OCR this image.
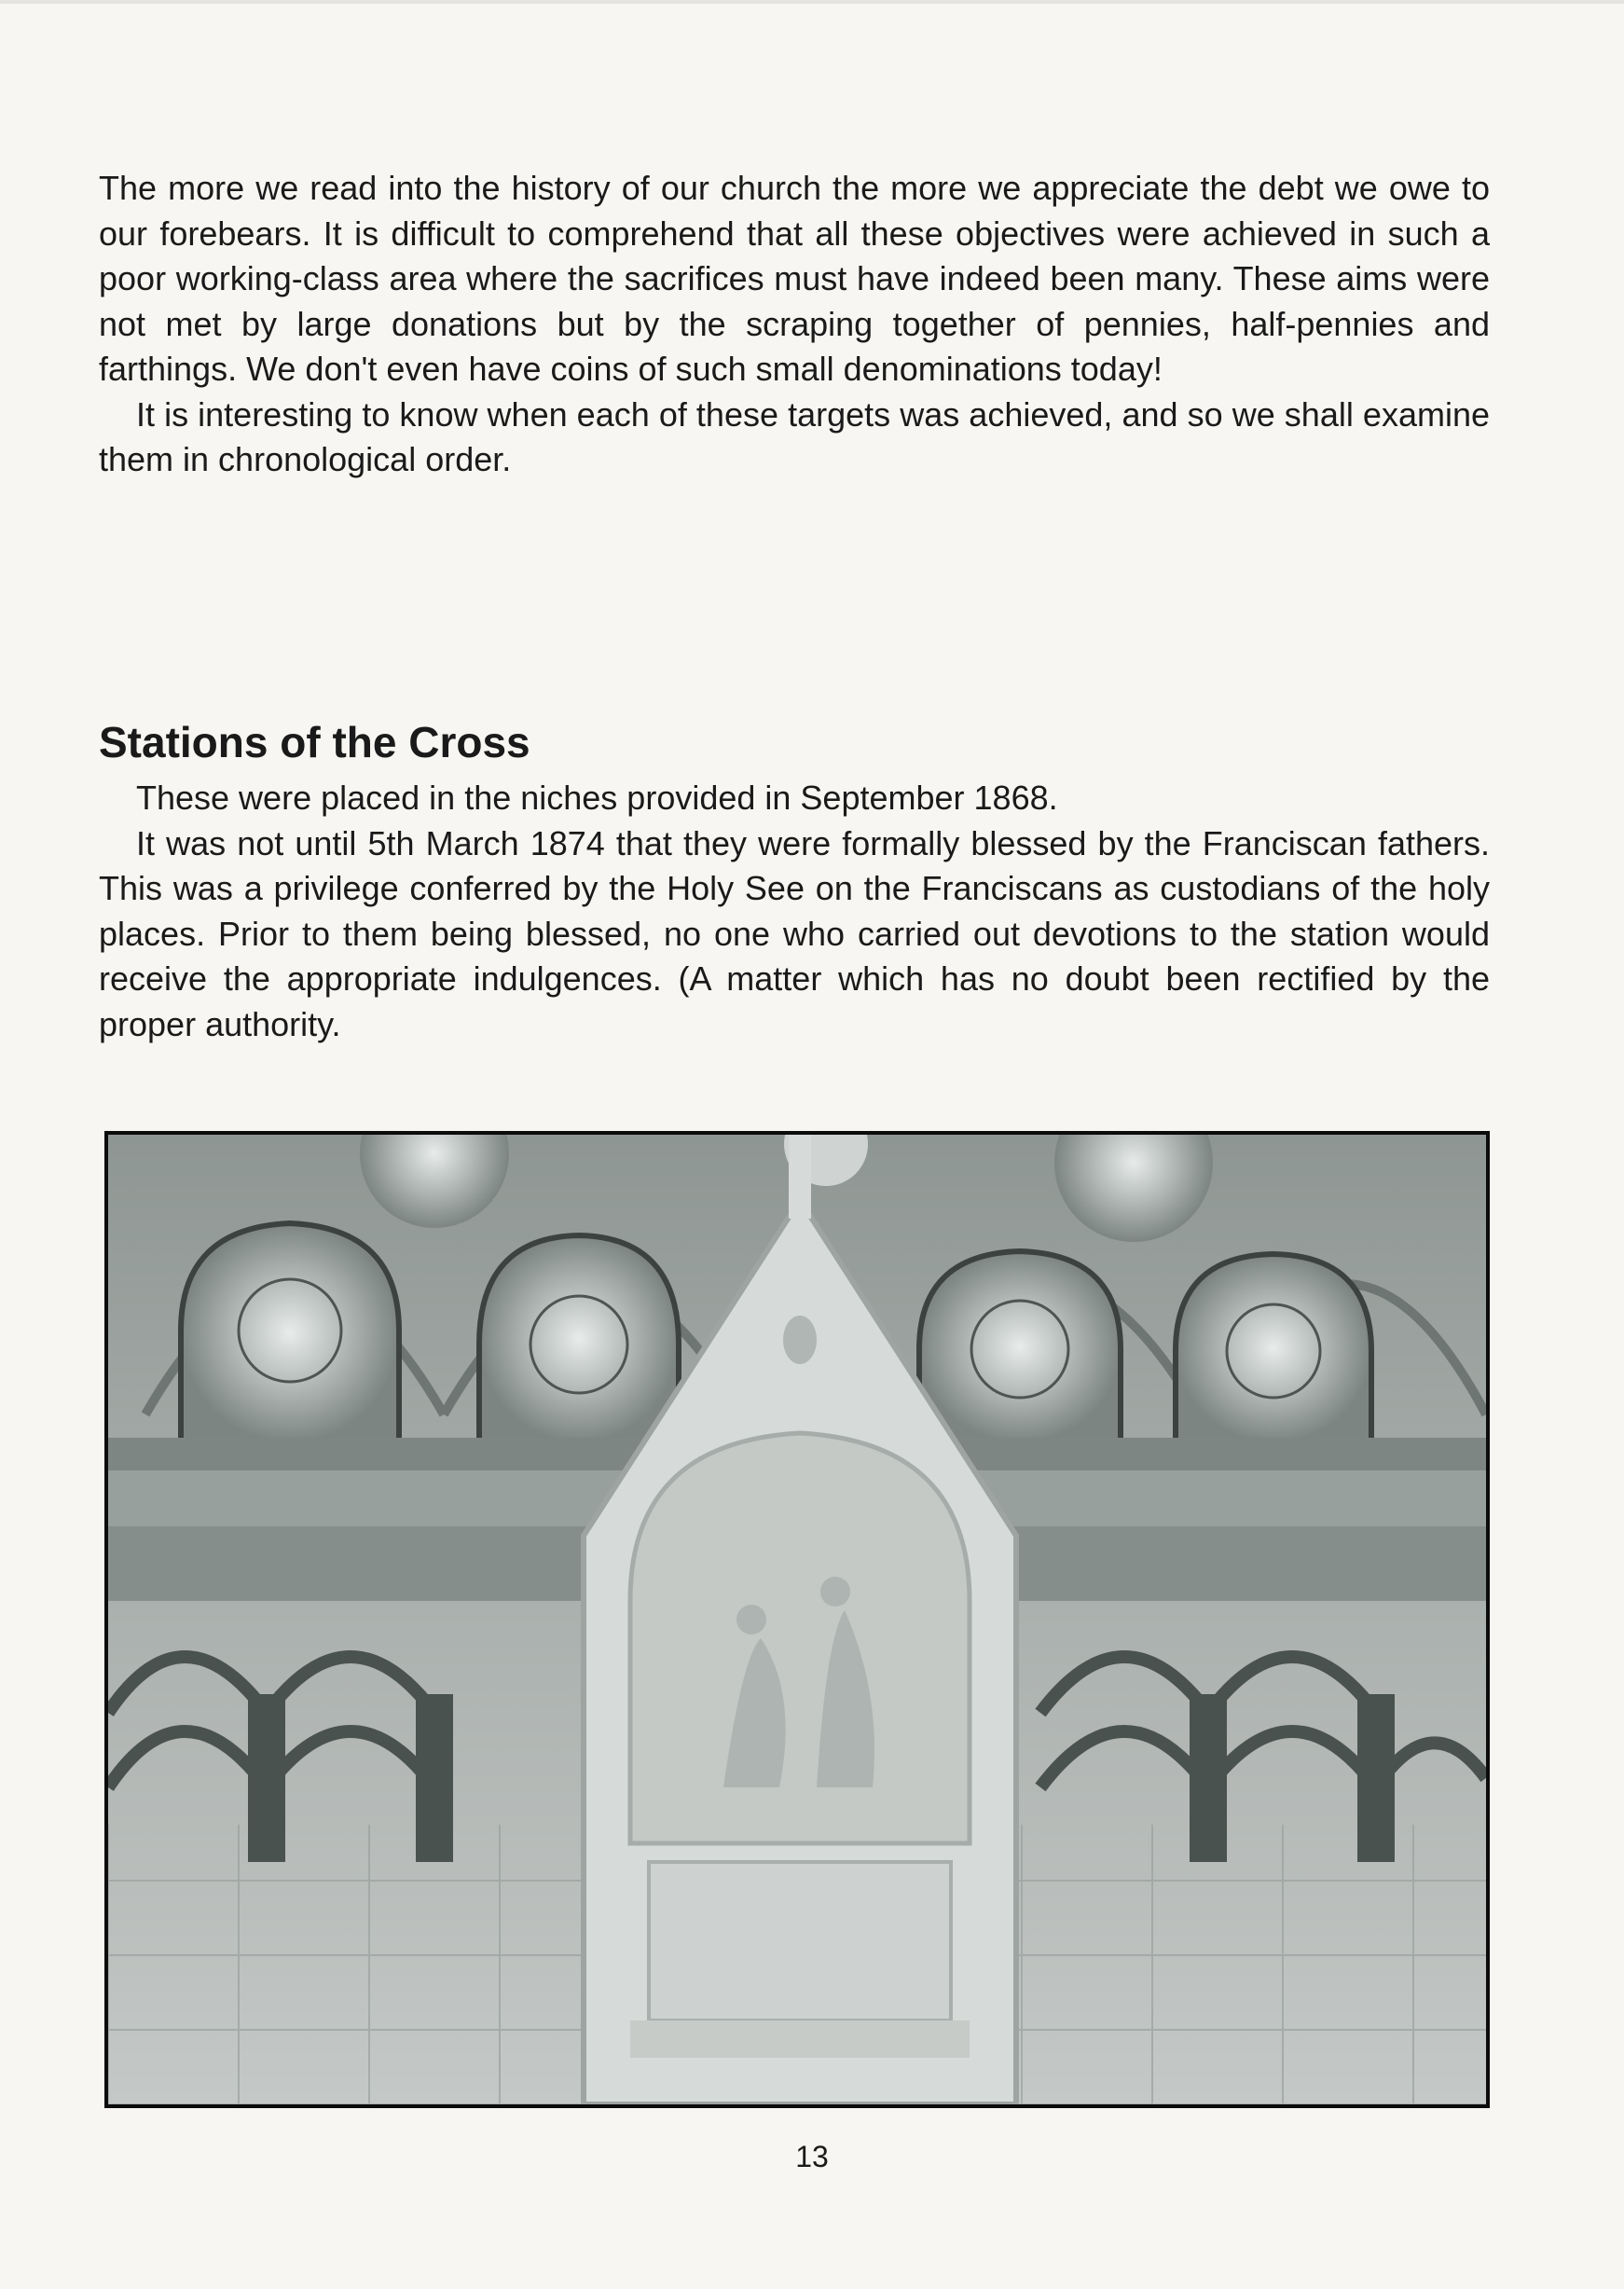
The more we read into the history of our church the more we appreciate the debt we owe to our forebears. It is difficult to comprehend that all these objectives were achieved in such a poor working-class area where the sacrifices must have indeed been many. These aims were not met by large donations but by the scraping together of pennies, half-pennies and farthings. We don't even have coins of such small denominations today!

It is interesting to know when each of these targets was achieved, and so we shall examine them in chronological order.

Stations of the Cross

These were placed in the niches provided in September 1868.

It was not until 5th March 1874 that they were formally blessed by the Franciscan fathers. This was a privilege conferred by the Holy See on the Franciscans as custodians of the holy places. Prior to them being blessed, no one who carried out devotions to the station would receive the appropriate indulgences. (A matter which has no doubt been rectified by the proper authority.

13
